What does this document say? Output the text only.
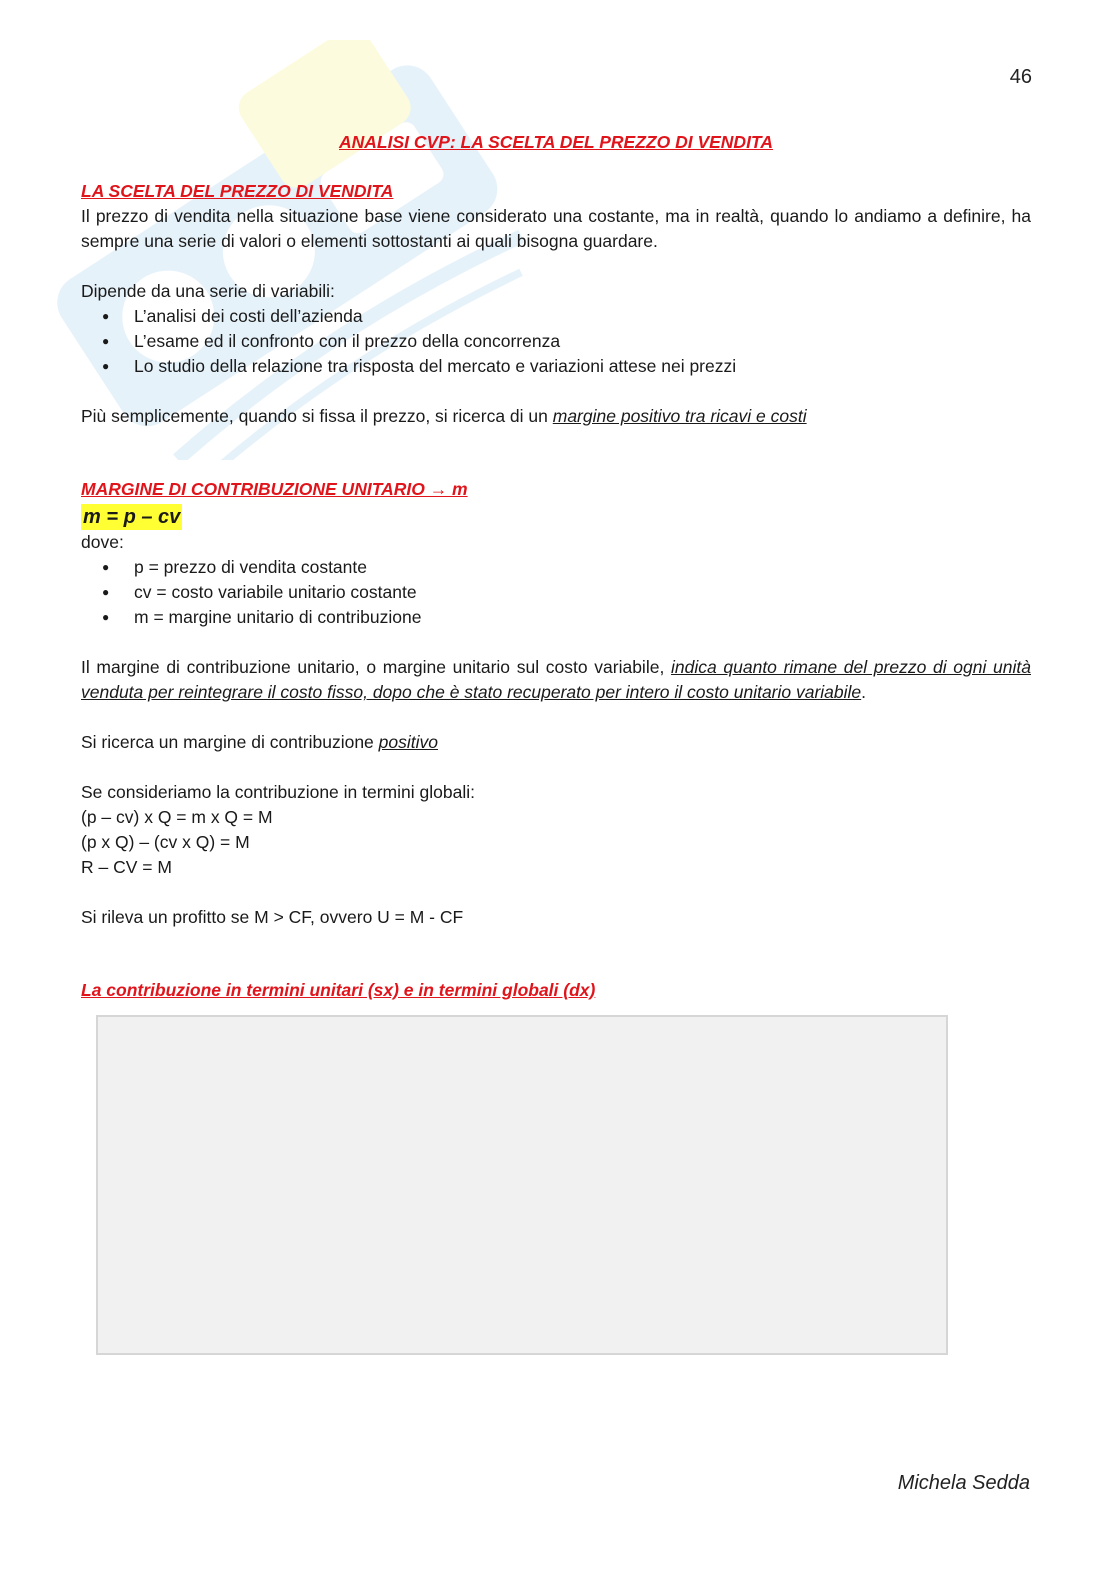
46

ANALISI CVP: LA SCELTA DEL PREZZO DI VENDITA

LA SCELTA DEL PREZZO DI VENDITA

Il prezzo di vendita nella situazione base viene considerato una costante, ma in realtà, quando lo andiamo a definire, ha sempre una serie di valori o elementi sottostanti ai quali bisogna guardare.

Dipende da una serie di variabili:

● L’analisi dei costi dell’azienda
● L’esame ed il confronto con il prezzo della concorrenza
● Lo studio della relazione tra risposta del mercato e variazioni attese nei prezzi

Più semplicemente, quando si fissa il prezzo, si ricerca di un margine positivo tra ricavi e costi

MARGINE DI CONTRIBUZIONE UNITARIO → m

m = p – cv

dove:

● p = prezzo di vendita costante
● cv = costo variabile unitario costante
● m = margine unitario di contribuzione

Il margine di contribuzione unitario, o margine unitario sul costo variabile, indica quanto rimane del prezzo di ogni unità venduta per reintegrare il costo fisso, dopo che è stato recuperato per intero il costo unitario variabile.

Si ricerca un margine di contribuzione positivo

Se consideriamo la contribuzione in termini globali:

(p – cv) x Q = m x Q = M

(p x Q) – (cv x Q) = M

R – CV = M

Si rileva un profitto se M > CF, ovvero U = M - CF

La contribuzione in termini unitari (sx) e in termini globali (dx)

Michela Sedda
